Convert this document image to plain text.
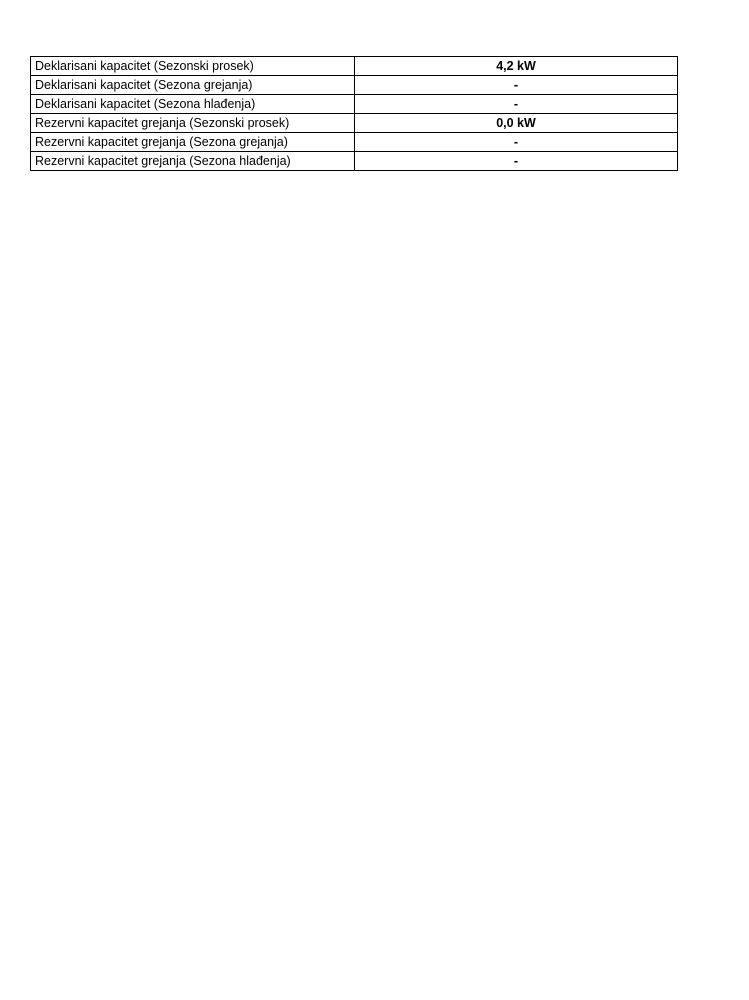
Deklarisani kapacitet (Sezonski prosek)	4,2 kW
Deklarisani kapacitet (Sezona grejanja)	-
Deklarisani kapacitet (Sezona hlađenja)	-
Rezervni kapacitet grejanja (Sezonski prosek)	0,0 kW
Rezervni kapacitet grejanja (Sezona grejanja)	-
Rezervni kapacitet grejanja (Sezona hlađenja)	-
